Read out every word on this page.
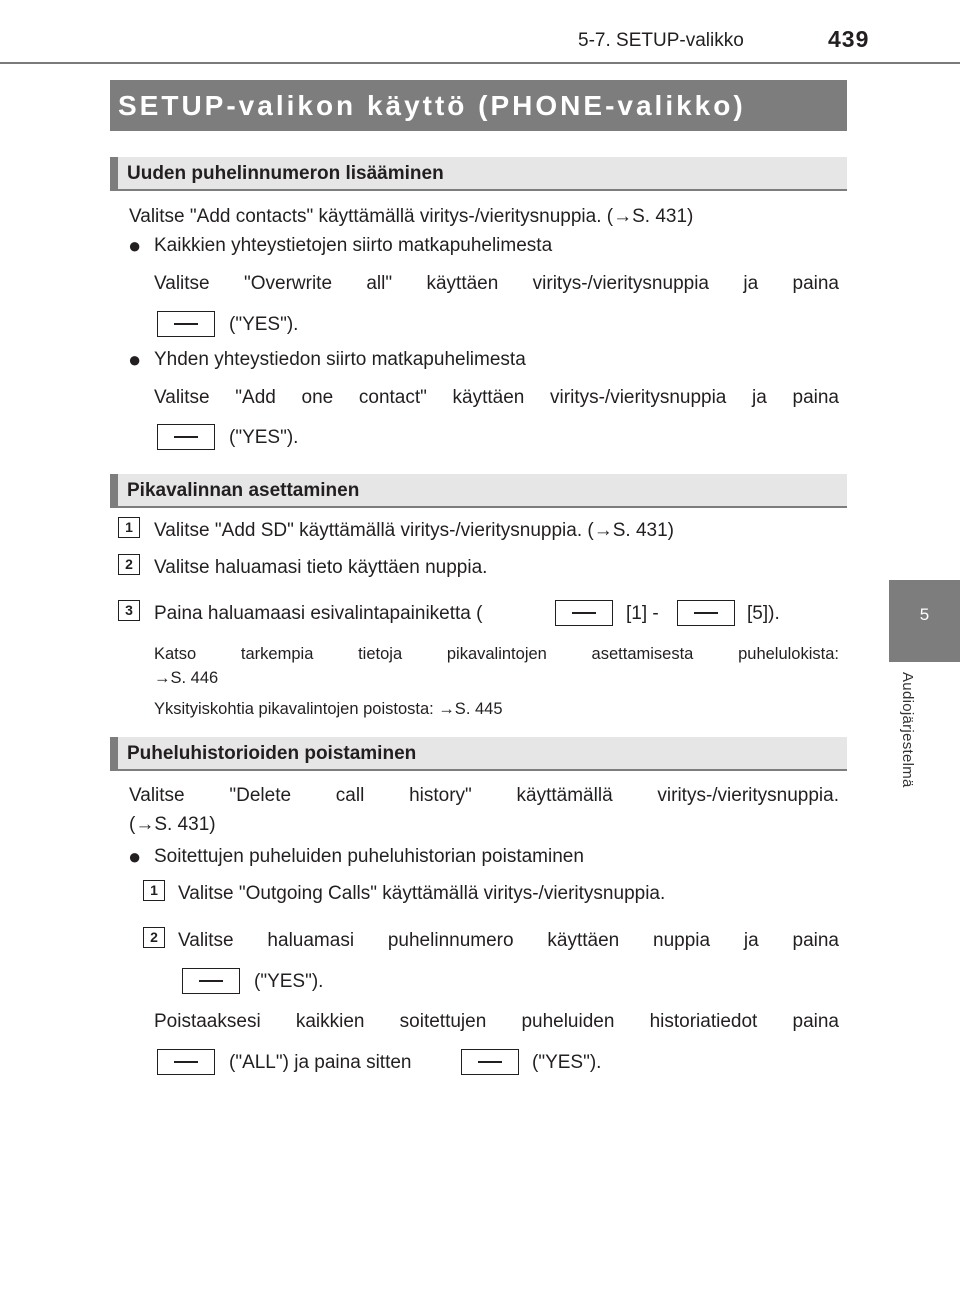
5-7. SETUP-valikko	439
5
Audiojärjestelmä
SETUP-valikon käyttö (PHONE-valikko)
Uuden puhelinnumeron lisääminen
Valitse "Add contacts" käyttämällä viritys-/vieritysnuppia. (→S. 431)
● Kaikkien yhteystietojen siirto matkapuhelimesta
Valitse "Overwrite all" käyttäen viritys-/vieritysnuppia ja paina
("YES").
● Yhden yhteystiedon siirto matkapuhelimesta
Valitse "Add one contact" käyttäen viritys-/vieritysnuppia ja paina
("YES").
Pikavalinnan asettaminen
1	Valitse "Add SD" käyttämällä viritys-/vieritysnuppia. (→S. 431)
2	Valitse haluamasi tieto käyttäen nuppia.
3	Paina haluamaasi esivalintapainiketta (	[1] -	[5]).
Katso tarkempia tietoja pikavalintojen asettamisesta puhelulokista:
→S. 446
Yksityiskohtia pikavalintojen poistosta: →S. 445
Puheluhistorioiden poistaminen
Valitse "Delete call history" käyttämällä viritys-/vieritysnuppia.
(→S. 431)
● Soitettujen puheluiden puheluhistorian poistaminen
1	Valitse "Outgoing Calls" käyttämällä viritys-/vieritysnuppia.
2	Valitse haluamasi puhelinnumero käyttäen nuppia ja paina
("YES").
Poistaaksesi kaikkien soitettujen puheluiden historiatiedot paina
("ALL") ja paina sitten	("YES").
